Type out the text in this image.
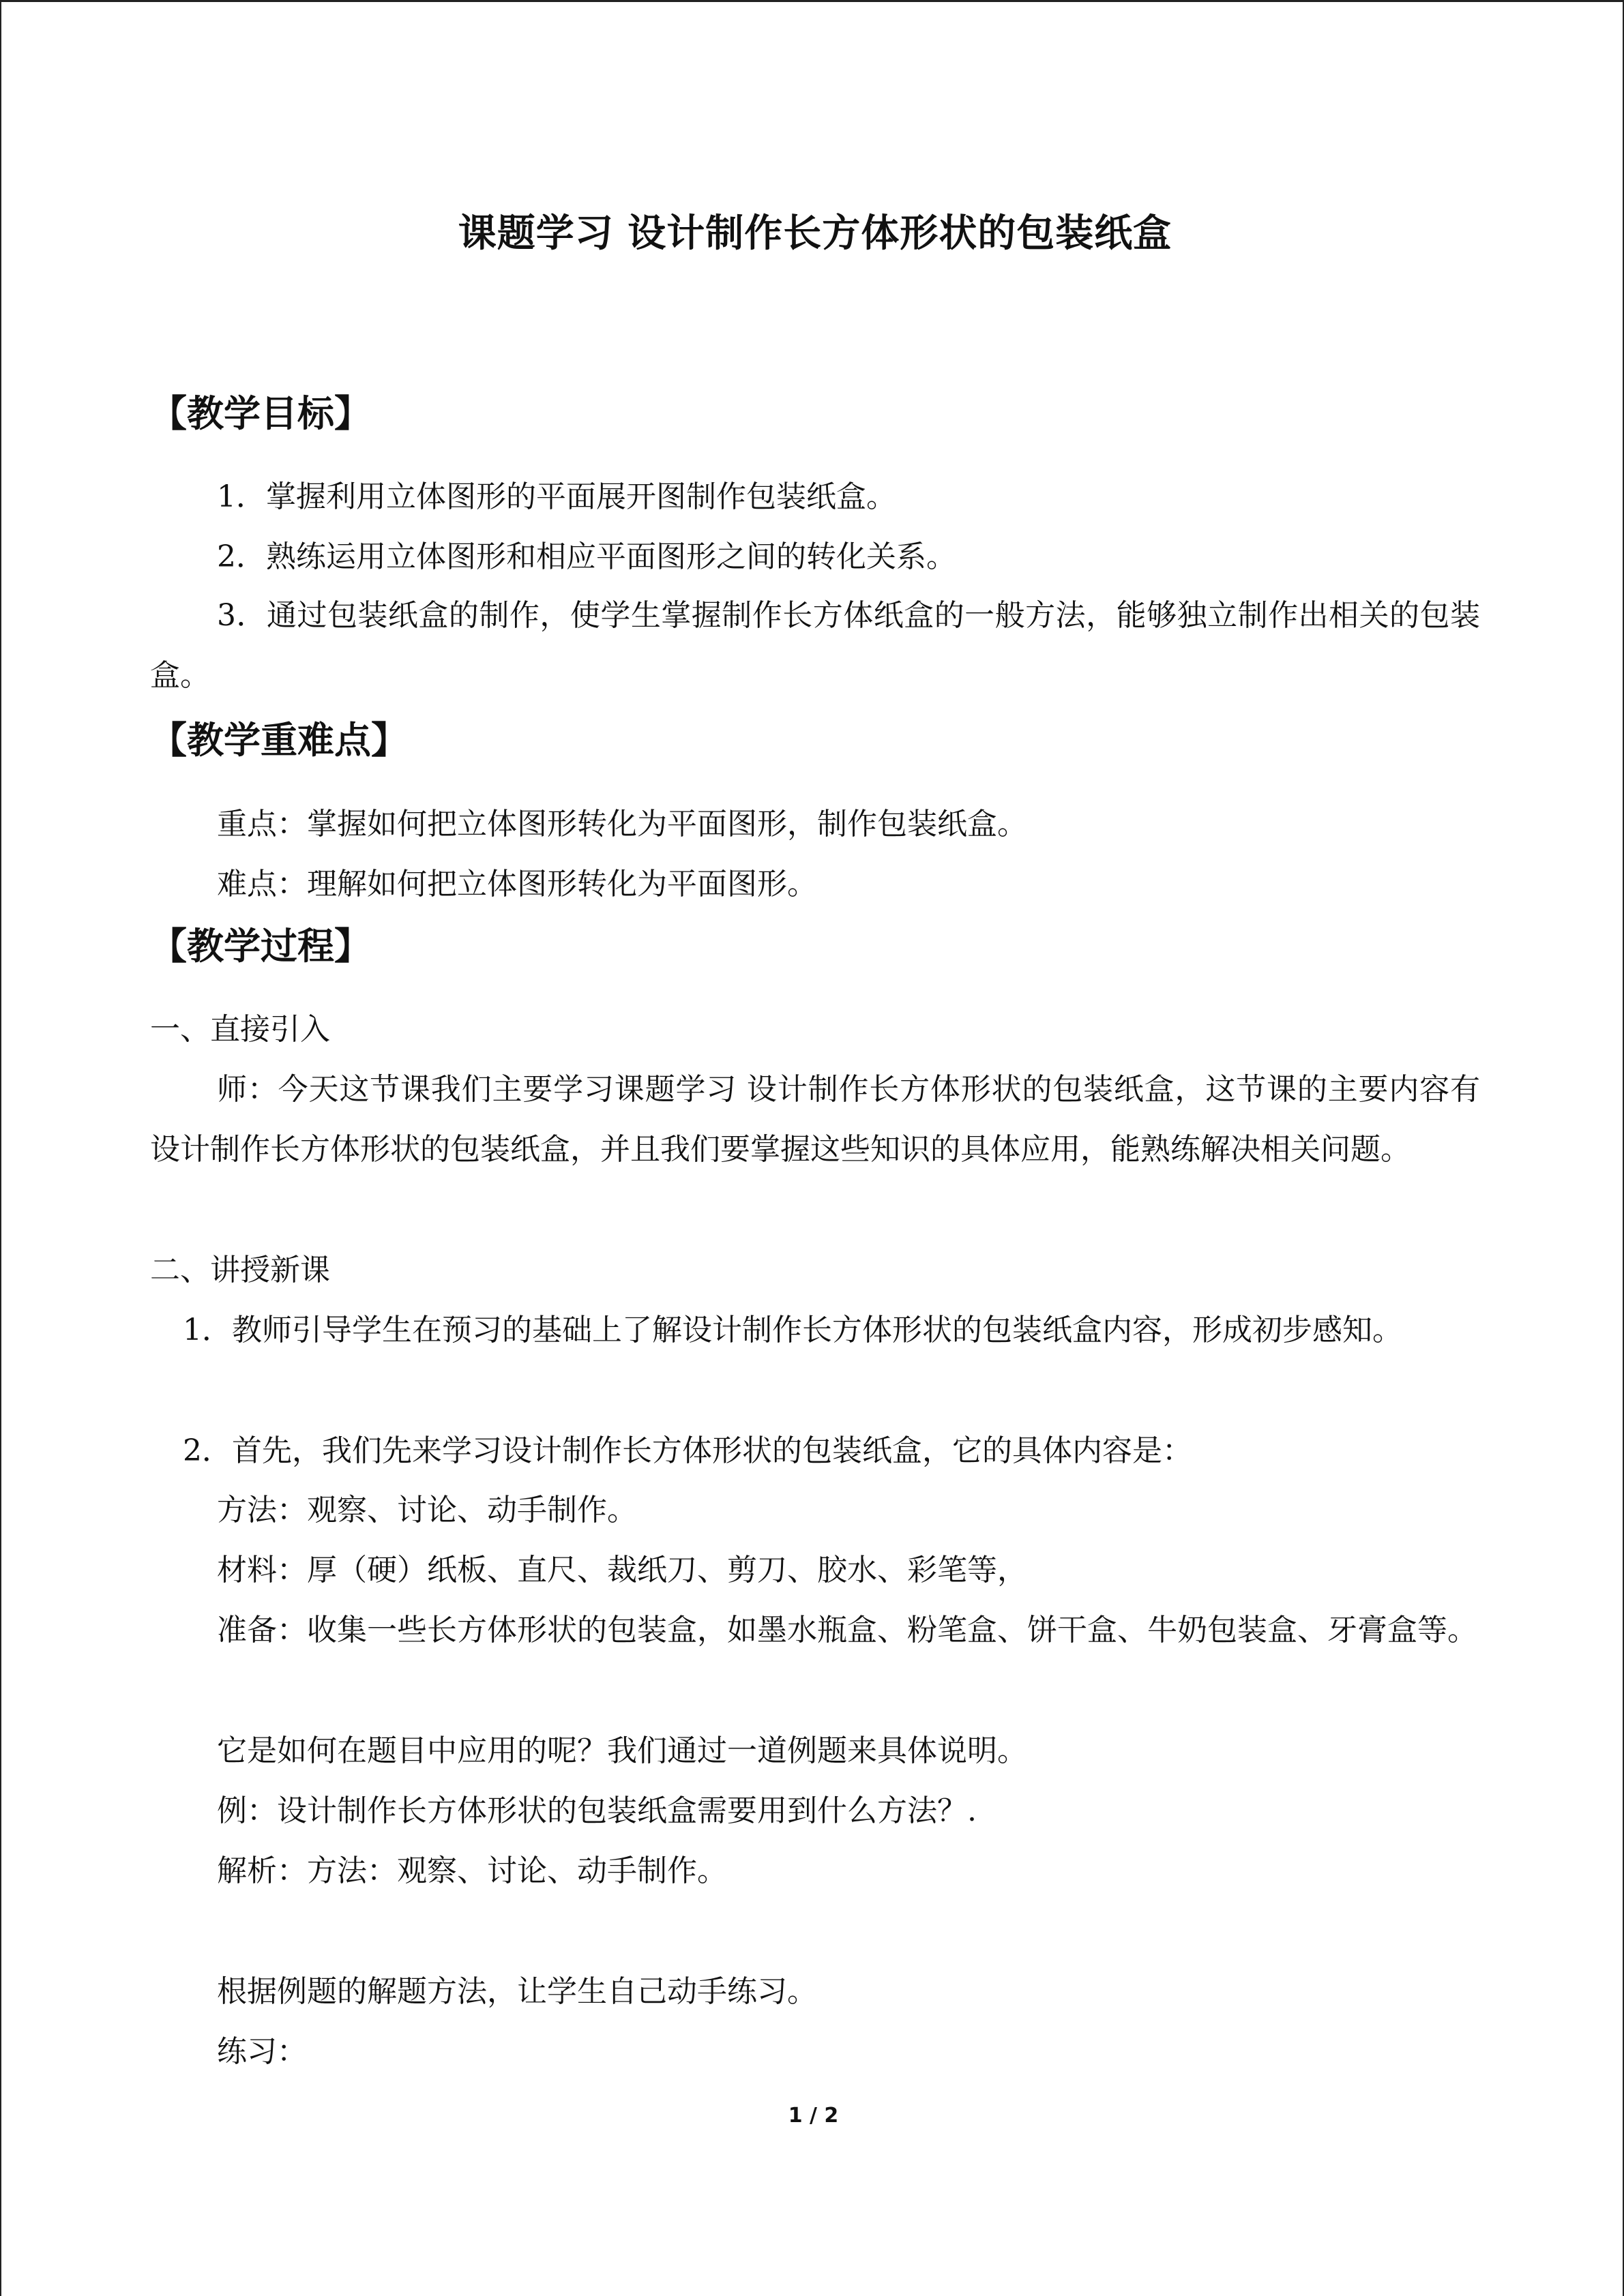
课题学习 设计制作长方体形状的包装纸盒
【教学目标】
1．掌握利用立体图形的平面展开图制作包装纸盒。
2．熟练运用立体图形和相应平面图形之间的转化关系。
3．通过包装纸盒的制作，使学生掌握制作长方体纸盒的一般方法，能够独立制作出相关的包装盒。
【教学重难点】
重点：掌握如何把立体图形转化为平面图形，制作包装纸盒。
难点：理解如何把立体图形转化为平面图形。
【教学过程】
一、直接引入
师：今天这节课我们主要学习课题学习 设计制作长方体形状的包装纸盒，这节课的主要内容有设计制作长方体形状的包装纸盒，并且我们要掌握这些知识的具体应用，能熟练解决相关问题。
二、讲授新课
1．教师引导学生在预习的基础上了解设计制作长方体形状的包装纸盒内容，形成初步感知。
2．首先，我们先来学习设计制作长方体形状的包装纸盒，它的具体内容是：
方法：观察、讨论、动手制作。
材料：厚（硬）纸板、直尺、裁纸刀、剪刀、胶水、彩笔等，
准备：收集一些长方体形状的包装盒，如墨水瓶盒、粉笔盒、饼干盒、牛奶包装盒、牙膏盒等。
它是如何在题目中应用的呢？我们通过一道例题来具体说明。
例：设计制作长方体形状的包装纸盒需要用到什么方法？.
解析：方法：观察、讨论、动手制作。
根据例题的解题方法，让学生自己动手练习。
练习：
1 / 2
